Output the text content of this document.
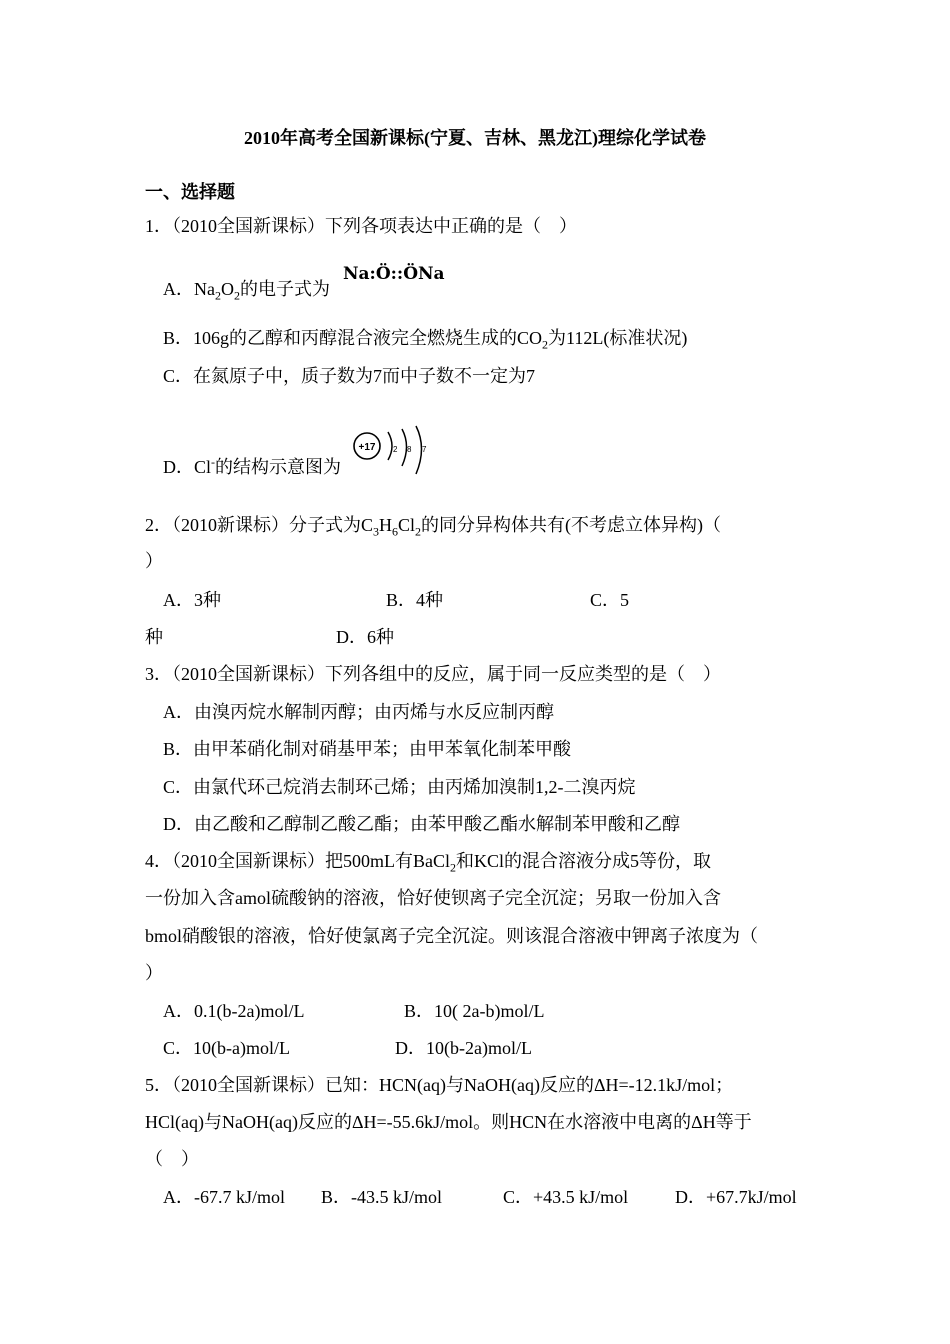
2010年高考全国新课标(宁夏、吉林、黑龙江)理综化学试卷
一、选择题
1．（2010全国新课标）下列各项表达中正确的是（　）
A．$Na_2O_2$的电子式为
Na:Ö::ÖNa
B．106g的乙醇和丙醇混合液完全燃烧生成的$CO_2$为112L(标准状况)
C．在氮原子中，质子数为7而中子数不一定为7
D．Cl-的结构示意图为
+17 2 8 7
2．（2010新课标）分子式为$C_3H_6Cl_2$的同分异构体共有(不考虑立体异构)（
）
A．3种	B．4种	C．5
种	D．6种
3．（2010全国新课标）下列各组中的反应，属于同一反应类型的是（　）
A．由溴丙烷水解制丙醇；由丙烯与水反应制丙醇
B．由甲苯硝化制对硝基甲苯；由甲苯氧化制苯甲酸
C．由氯代环己烷消去制环己烯；由丙烯加溴制1,2-二溴丙烷
D．由乙酸和乙醇制乙酸乙酯；由苯甲酸乙酯水解制苯甲酸和乙醇
4．（2010全国新课标）把500mL有BaCl$_2$和KCl的混合溶液分成5等份，取
一份加入含amol硫酸钠的溶液，恰好使钡离子完全沉淀；另取一份加入含
bmol硝酸银的溶液，恰好使氯离子完全沉淀。则该混合溶液中钾离子浓度为（
）
A．0.1(b-2a)mol/L	B．10( 2a-b)mol/L
C．10(b-a)mol/L	D．10(b-2a)mol/L
5．（2010全国新课标）已知：HCN(aq)与NaOH(aq)反应的ΔH=-12.1kJ/mol；
HCl(aq)与NaOH(aq)反应的ΔH=-55.6kJ/mol。则HCN在水溶液中电离的ΔH等于
（　）
A．-67.7 kJ/mol B．-43.5 kJ/mol	C．+43.5 kJ/mol	D．+67.7kJ/mol
